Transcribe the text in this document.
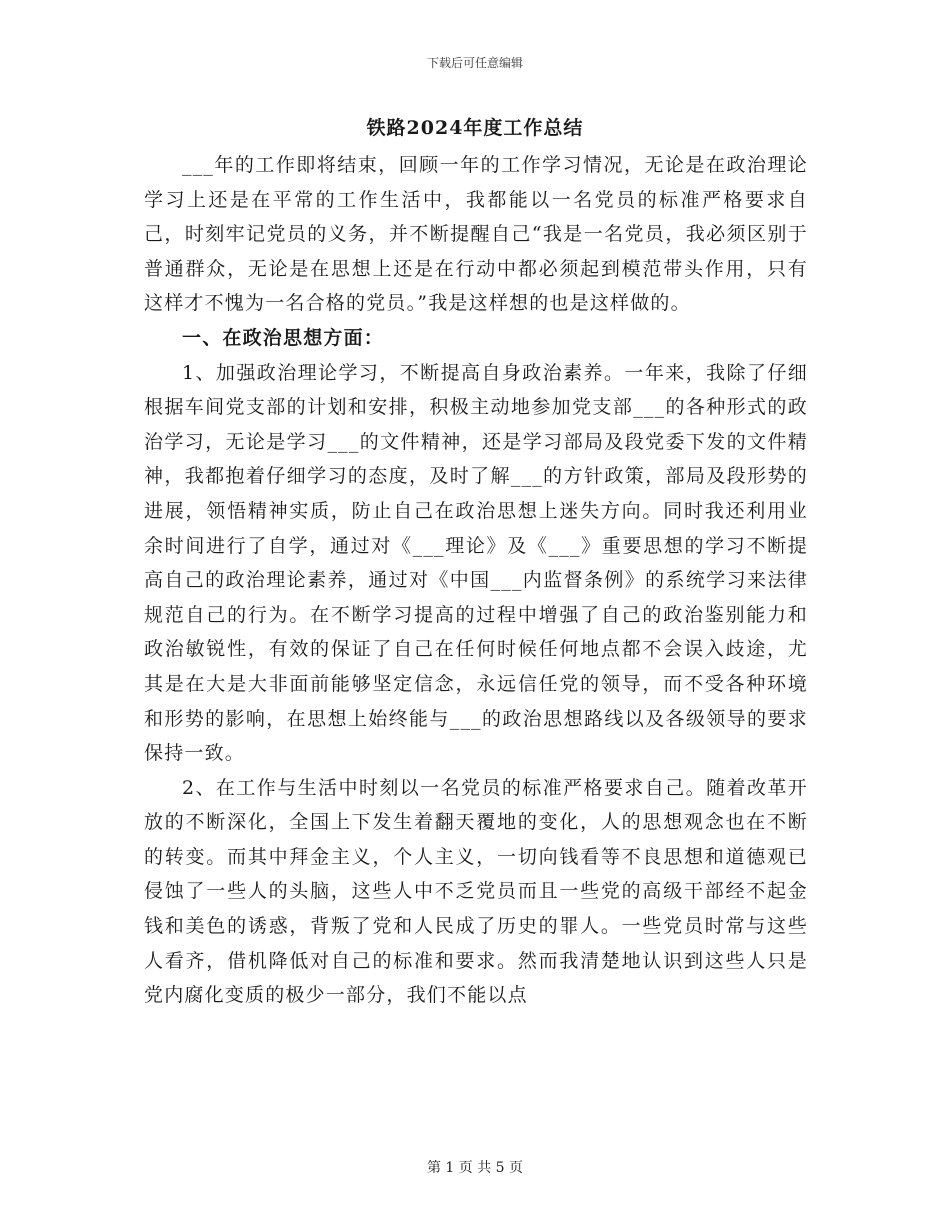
下载后可任意编辑
铁路2024年度工作总结

___年的工作即将结束，回顾一年的工作学习情况，无论是在政治理论学习上还是在平常的工作生活中，我都能以一名党员的标准严格要求自己，时刻牢记党员的义务，并不断提醒自己“我是一名党员，我必须区别于普通群众，无论是在思想上还是在行动中都必须起到模范带头作用，只有这样才不愧为一名合格的党员。”我是这样想的也是这样做的。

一、在政治思想方面：

1、加强政治理论学习，不断提高自身政治素养。一年来，我除了仔细根据车间党支部的计划和安排，积极主动地参加党支部___的各种形式的政治学习，无论是学习___的文件精神，还是学习部局及段党委下发的文件精神，我都抱着仔细学习的态度，及时了解___的方针政策，部局及段形势的进展，领悟精神实质，防止自己在政治思想上迷失方向。同时我还利用业余时间进行了自学，通过对《___理论》及《___》重要思想的学习不断提高自己的政治理论素养，通过对《中国___内监督条例》的系统学习来法律规范自己的行为。在不断学习提高的过程中增强了自己的政治鉴别能力和政治敏锐性，有效的保证了自己在任何时候任何地点都不会误入歧途，尤其是在大是大非面前能够坚定信念，永远信任党的领导，而不受各种环境和形势的影响，在思想上始终能与___的政治思想路线以及各级领导的要求保持一致。

2、在工作与生活中时刻以一名党员的标准严格要求自己。随着改革开放的不断深化，全国上下发生着翻天覆地的变化，人的思想观念也在不断的转变。而其中拜金主义，个人主义，一切向钱看等不良思想和道德观已侵蚀了一些人的头脑，这些人中不乏党员而且一些党的高级干部经不起金钱和美色的诱惑，背叛了党和人民成了历史的罪人。一些党员时常与这些人看齐，借机降低对自己的标准和要求。然而我清楚地认识到这些人只是党内腐化变质的极少一部分，我们不能以点

第 1 页 共 5 页
